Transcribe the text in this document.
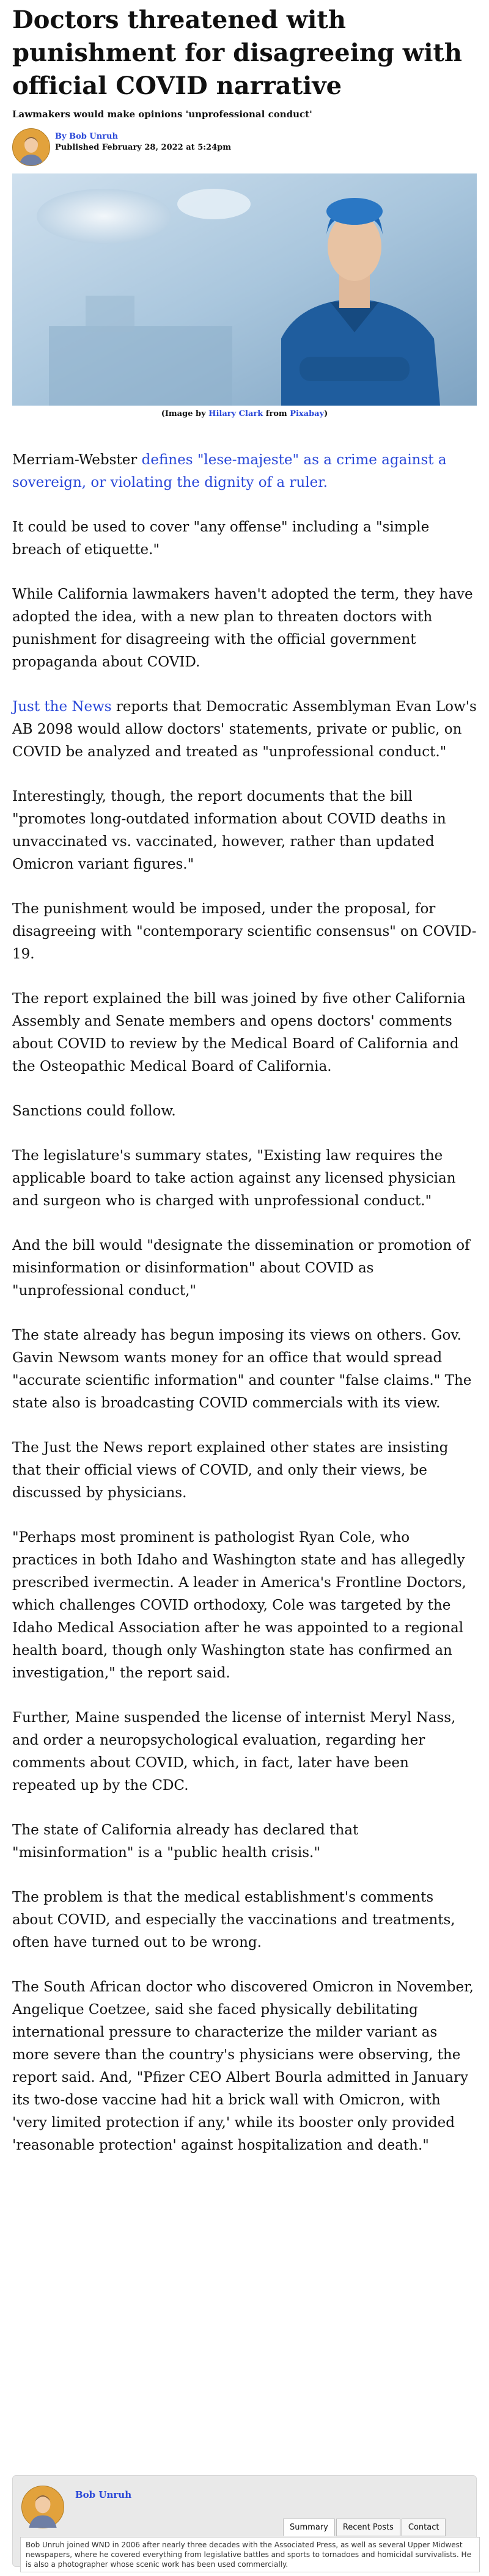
Doctors threatened with punishment for disagreeing with official COVID narrative
Lawmakers would make opinions 'unprofessional conduct'
By Bob Unruh
Published February 28, 2022 at 5:24pm
(Image by Hilary Clark from Pixabay)

Merriam-Webster defines "lese-majeste" as a crime against a sovereign, or violating the dignity of a ruler.

It could be used to cover "any offense" including a "simple breach of etiquette."

While California lawmakers haven't adopted the term, they have adopted the idea, with a new plan to threaten doctors with punishment for disagreeing with the official government propaganda about COVID.

Just the News reports that Democratic Assemblyman Evan Low's AB 2098 would allow doctors' statements, private or public, on COVID be analyzed and treated as "unprofessional conduct."

Interestingly, though, the report documents that the bill "promotes long-outdated information about COVID deaths in unvaccinated vs. vaccinated, however, rather than updated Omicron variant figures."

The punishment would be imposed, under the proposal, for disagreeing with "contemporary scientific consensus" on COVID-19.

The report explained the bill was joined by five other California Assembly and Senate members and opens doctors' comments about COVID to review by the Medical Board of California and the Osteopathic Medical Board of California.

Sanctions could follow.

The legislature's summary states, "Existing law requires the applicable board to take action against any licensed physician and surgeon who is charged with unprofessional conduct."

And the bill would "designate the dissemination or promotion of misinformation or disinformation" about COVID as "unprofessional conduct,"

The state already has begun imposing its views on others. Gov. Gavin Newsom wants money for an office that would spread "accurate scientific information" and counter "false claims." The state also is broadcasting COVID commercials with its view.

The Just the News report explained other states are insisting that their official views of COVID, and only their views, be discussed by physicians.

"Perhaps most prominent is pathologist Ryan Cole, who practices in both Idaho and Washington state and has allegedly prescribed ivermectin. A leader in America's Frontline Doctors, which challenges COVID orthodoxy, Cole was targeted by the Idaho Medical Association after he was appointed to a regional health board, though only Washington state has confirmed an investigation," the report said.

Further, Maine suspended the license of internist Meryl Nass, and order a neuropsychological evaluation, regarding her comments about COVID, which, in fact, later have been repeated up by the CDC.

The state of California already has declared that "misinformation" is a "public health crisis."

The problem is that the medical establishment's comments about COVID, and especially the vaccinations and treatments, often have turned out to be wrong.

The South African doctor who discovered Omicron in November, Angelique Coetzee, said she faced physically debilitating international pressure to characterize the milder variant as more severe than the country's physicians were observing, the report said. And, "Pfizer CEO Albert Bourla admitted in January its two-dose vaccine had hit a brick wall with Omicron, with 'very limited protection if any,' while its booster only provided 'reasonable protection' against hospitalization and death."

Bob Unruh
Summary	Recent Posts	Contact
Bob Unruh joined WND in 2006 after nearly three decades with the Associated Press, as well as several Upper Midwest newspapers, where he covered everything from legislative battles and sports to tornadoes and homicidal survivalists. He is also a photographer whose scenic work has been used commercially.
